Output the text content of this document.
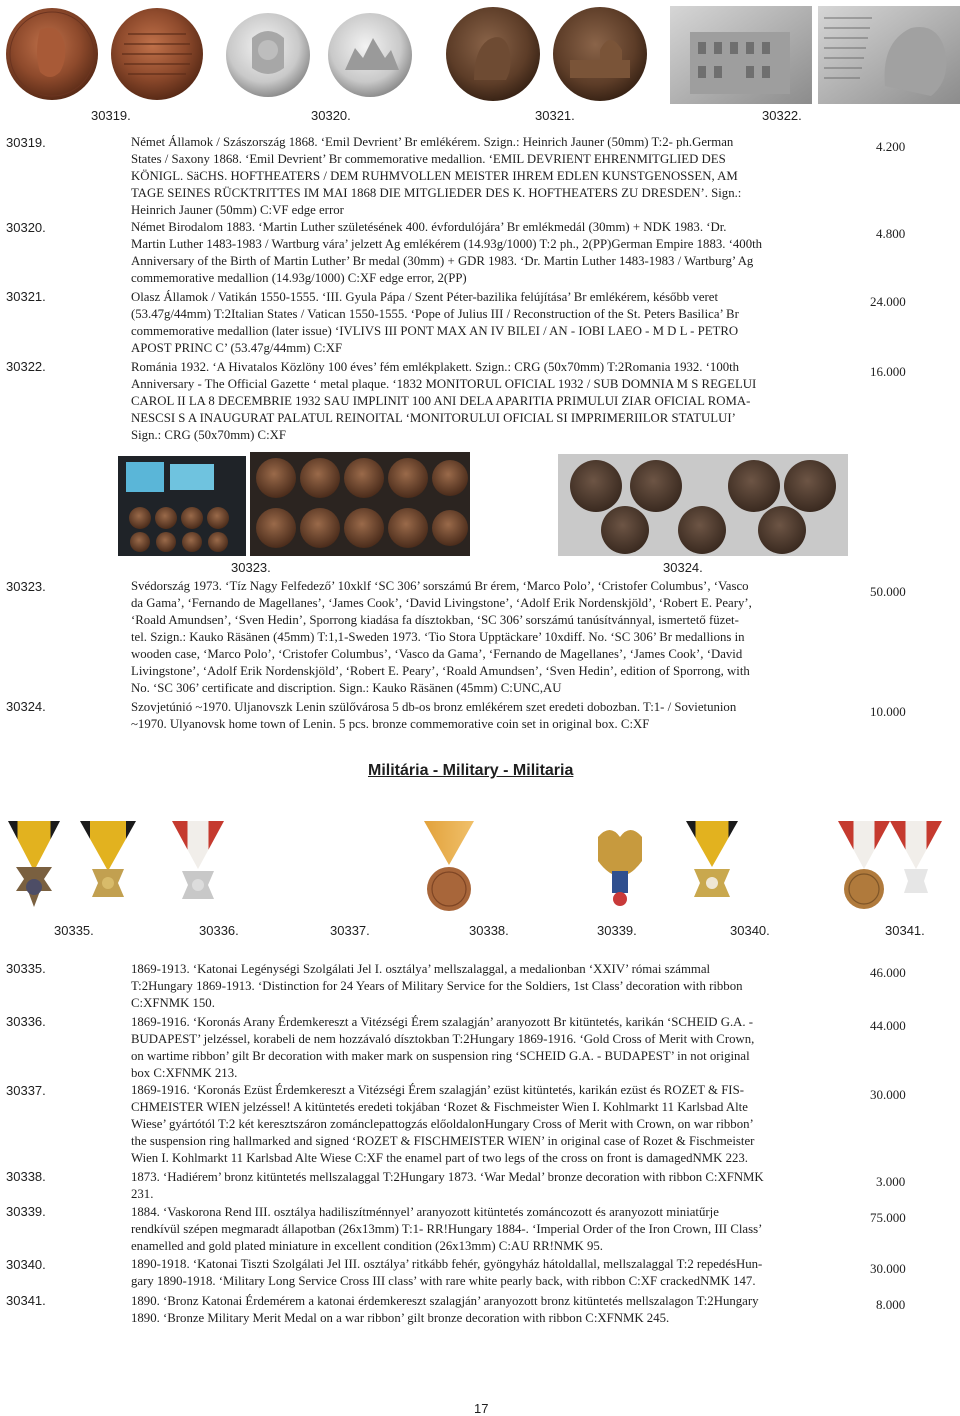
30319.	30320.	30321.	30322.
30319.	Német Államok / Szászország 1868. ‘Emil Devrient’ Br emlékérem. Szign.: Heinrich Jauner (50mm) T:2- ph.German
States / Saxony 1868. ‘Emil Devrient’ Br commemorative medallion. ‘EMIL DEVRIENT EHRENMITGLIED DES
KÖNIGL. SäCHS. HOFTHEATERS / DEM RUHMVOLLEN MEISTER IHREM EDLEN KUNSTGENOSSEN, AM
TAGE SEINES RÜCKTRITTES IM MAI 1868 DIE MITGLIEDER DES K. HOFTHEATERS ZU DRESDEN’. Sign.:
Heinrich Jauner (50mm) C:VF edge error
4.200
30320.	Német Birodalom 1883. ‘Martin Luther születésének 400. évfordulójára’ Br emlékmedál (30mm) + NDK 1983. ‘Dr.
Martin Luther 1483-1983 / Wartburg vára’ jelzett Ag emlékérem (14.93g/1000) T:2 ph., 2(PP)German Empire 1883. ‘400th
Anniversary of the Birth of Martin Luther’ Br medal (30mm) + GDR 1983. ‘Dr. Martin Luther 1483-1983 / Wartburg’ Ag
commemorative medallion (14.93g/1000) C:XF edge error, 2(PP)
4.800
30321.	Olasz Államok / Vatikán 1550-1555. ‘III. Gyula Pápa / Szent Péter-bazilika felújítása’ Br emlékérem, később veret
(53.47g/44mm) T:2Italian States / Vatican 1550-1555. ‘Pope of Julius III / Reconstruction of the St. Peters Basilica’ Br
commemorative medallion (later issue) ‘IVLIVS III PONT MAX AN IV BILEI / AN - IOBI LAEO - M D L - PETRO
APOST PRINC C’ (53.47g/44mm) C:XF
24.000
30322.	Románia 1932. ‘A Hivatalos Közlöny 100 éves’ fém emlékplakett. Szign.: CRG (50x70mm) T:2Romania 1932. ‘100th
Anniversary - The Official Gazette ‘ metal plaque. ‘1832 MONITORUL OFICIAL 1932 / SUB DOMNIA M S REGELUI
CAROL II LA 8 DECEMBRIE 1932 SAU IMPLINIT 100 ANI DELA APARITIA PRIMULUI ZIAR OFICIAL ROMA-
NESCSI S A INAUGURAT PALATUL REINOITAL ‘MONITORULUI OFICIAL SI IMPRIMERIILOR STATULUI’
Sign.: CRG (50x70mm) C:XF
16.000
30323.	30324.
30323.	Svédország 1973. ‘Tíz Nagy Felfedező’ 10xklf ‘SC 306’ sorszámú Br érem, ‘Marco Polo’, ‘Cristofer Columbus’, ‘Vasco
da Gama’, ‘Fernando de Magellanes’, ‘James Cook’, ‘David Livingstone’, ‘Adolf Erik Nordenskjöld’, ‘Robert E. Peary’,
‘Roald Amundsen’, ‘Sven Hedin’, Sporrong kiadása fa dísztokban, ‘SC 306’ sorszámú tanúsítvánnyal, ismertető füzet-
tel. Szign.: Kauko Räsänen (45mm) T:1,1-Sweden 1973. ‘Tio Stora Upptäckare’ 10xdiff. No. ‘SC 306’ Br medallions in
wooden case, ‘Marco Polo’, ‘Cristofer Columbus’, ‘Vasco da Gama’, ‘Fernando de Magellanes’, ‘James Cook’, ‘David
Livingstone’, ‘Adolf Erik Nordenskjöld’, ‘Robert E. Peary’, ‘Roald Amundsen’, ‘Sven Hedin’, edition of Sporrong, with
No. ‘SC 306’ certificate and discription. Sign.: Kauko Räsänen (45mm) C:UNC,AU
50.000
30324.	Szovjetúnió ~1970. Uljanovszk Lenin szülővárosa 5 db-os bronz emlékérem szet eredeti dobozban. T:1- / Sovietunion
~1970. Ulyanovsk home town of Lenin. 5 pcs. bronze commemorative coin set in original box. C:XF
10.000
Militária - Military - Militaria
30335.	30336.	30337.	30338.	30339.	30340.	30341.
30335.	1869-1913. ‘Katonai Legénységi Szolgálati Jel I. osztálya’ mellszalaggal, a medalionban ‘XXIV’ római számmal
T:2Hungary 1869-1913. ‘Distinction for 24 Years of Military Service for the Soldiers, 1st Class’ decoration with ribbon
C:XFNMK 150.
46.000
30336.	1869-1916. ‘Koronás Arany Érdemkereszt a Vitézségi Érem szalagján’ aranyozott Br kitüntetés, karikán ‘SCHEID G.A. -
BUDAPEST’ jelzéssel, korabeli de nem hozzávaló dísztokban T:2Hungary 1869-1916. ‘Gold Cross of Merit with Crown,
on wartime ribbon’ gilt Br decoration with maker mark on suspension ring ‘SCHEID G.A. - BUDAPEST’ in not original
box C:XFNMK 213.
44.000
30337.	1869-1916. ‘Koronás Ezüst Érdemkereszt a Vitézségi Érem szalagján’ ezüst kitüntetés, karikán ezüst és ROZET & FIS-
CHMEISTER WIEN jelzéssel! A kitüntetés eredeti tokjában ‘Rozet & Fischmeister Wien I. Kohlmarkt 11 Karlsbad Alte
Wiese’ gyártótól T:2 két keresztszáron zománclepattogzás előoldalonHungary Cross of Merit with Crown, on war ribbon’
the suspension ring hallmarked and signed ‘ROZET & FISCHMEISTER WIEN’ in original case of Rozet & Fischmeister
Wien I. Kohlmarkt 11 Karlsbad Alte Wiese C:XF the enamel part of two legs of the cross on front is damagedNMK 223.
30.000
30338.	1873. ‘Hadiérem’ bronz kitüntetés mellszalaggal T:2Hungary 1873. ‘War Medal’ bronze decoration with ribbon C:XFNMK
231.
3.000
30339.	1884. ‘Vaskorona Rend III. osztálya hadiliszítménnyel’ aranyozott kitüntetés zománcozott és aranyozott miniatűrje
rendkívül szépen megmaradt állapotban (26x13mm) T:1- RR!Hungary 1884-. ‘Imperial Order of the Iron Crown, III Class’
enamelled and gold plated miniature in excellent condition (26x13mm) C:AU RR!NMK 95.
75.000
30340.	1890-1918. ‘Katonai Tiszti Szolgálati Jel III. osztálya’ ritkább fehér, gyöngyház hátoldallal, mellszalaggal T:2 repedésHun-
gary 1890-1918. ‘Military Long Service Cross III class’ with rare white pearly back, with ribbon C:XF crackedNMK 147.
30.000
30341.	1890. ‘Bronz Katonai Érdemérem a katonai érdemkereszt szalagján’ aranyozott bronz kitüntetés mellszalagon T:2Hungary
1890. ‘Bronze Military Merit Medal on a war ribbon’ gilt bronze decoration with ribbon C:XFNMK 245.
8.000
17
